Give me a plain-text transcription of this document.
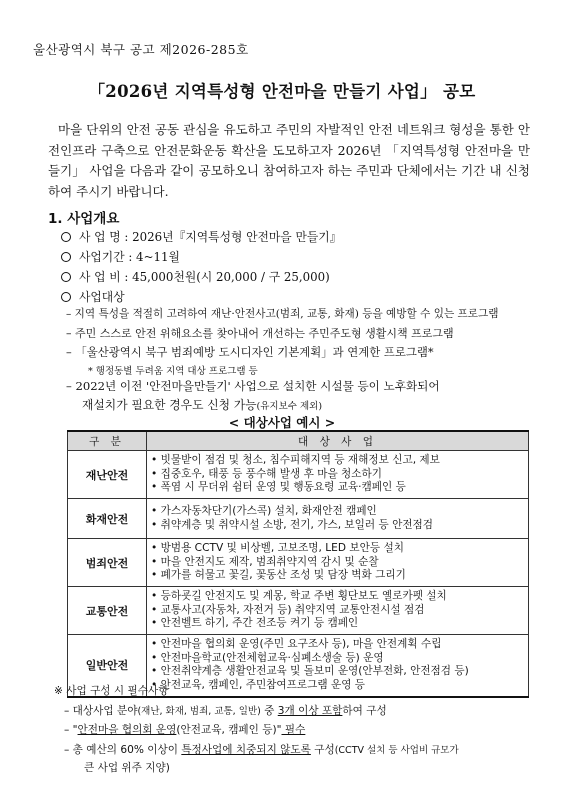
울산광역시 북구 공고 제2026-285호
「2026년 지역특성형 안전마을 만들기 사업」 공모
마을 단위의 안전 공동 관심을 유도하고 주민의 자발적인 안전 네트워크 형성을 통한 안전인프라 구축으로 안전문화운동 확산을 도모하고자 2026년 「지역특성형 안전마을 만들기」 사업을 다음과 같이 공모하오니 참여하고자 하는 주민과 단체에서는 기간 내 신청하여 주시기 바랍니다.
1. 사업개요
사 업 명 : 2026년『지역특성형 안전마을 만들기』
사업기간 : 4~11월
사 업 비 : 45,000천원(시 20,000 / 구 25,000)
사업대상
– 지역 특성을 적절히 고려하여 재난·안전사고(범죄, 교통, 화재) 등을 예방할 수 있는 프로그램
– 주민 스스로 안전 위해요소를 찾아내어 개선하는 주민주도형 생활시책 프로그램
– 「울산광역시 북구 범죄예방 도시디자인 기본계획」과 연계한 프로그램*
* 행정동별 두려움 지역 대상 프로그램 등
– 2022년 이전 '안전마을만들기' 사업으로 설치한 시설물 등이 노후화되어
재설치가 필요한 경우도 신청 가능(유지보수 제외)
< 대상사업 예시 >
구 분	대 상 사 업
재난안전	• 빗물받이 점검 및 청소, 침수피해지역 등 재해정보 신고, 제보
• 집중호우, 태풍 등 풍수해 발생 후 마을 청소하기
• 폭염 시 무더위 쉼터 운영 및 행동요령 교육·캠페인 등

화재안전	• 가스자동차단기(가스콕) 설치, 화재안전 캠페인
• 취약계층 및 취약시설 소방, 전기, 가스, 보일러 등 안전점검

범죄안전	• 방범용 CCTV 및 비상벨, 고보조명, LED 보안등 설치
• 마을 안전지도 제작, 범죄취약지역 감시 및 순찰
• 폐가를 허물고 꽃길, 꽃동산 조성 및 담장 벽화 그리기

교통안전	• 등하굣길 안전지도 및 계몽, 학교 주변 횡단보도 옐로카펫 설치
• 교통사고(자동차, 자전거 등) 취약지역 교통안전시설 점검
• 안전벨트 하기, 주간 전조등 켜기 등 캠페인

일반안전	• 안전마을 협의회 운영(주민 요구조사 등), 마을 안전계획 수립
• 안전마을학교(안전체험교육·심폐소생술 등) 운영
• 안전취약계층 생활안전교육 및 돌보미 운영(안부전화, 안전점검 등)
• 안전교육, 캠페인, 주민참여프로그램 운영 등
※ 사업 구성 시 필수사항
– 대상사업 분야(재난, 화재, 범죄, 교통, 일반) 중 3개 이상 포함하여 구성
– "안전마을 협의회 운영(안전교육, 캠페인 등)" 필수
– 총 예산의 60% 이상이 특정사업에 치중되지 않도록 구성(CCTV 설치 등 사업비 규모가
큰 사업 위주 지양)
